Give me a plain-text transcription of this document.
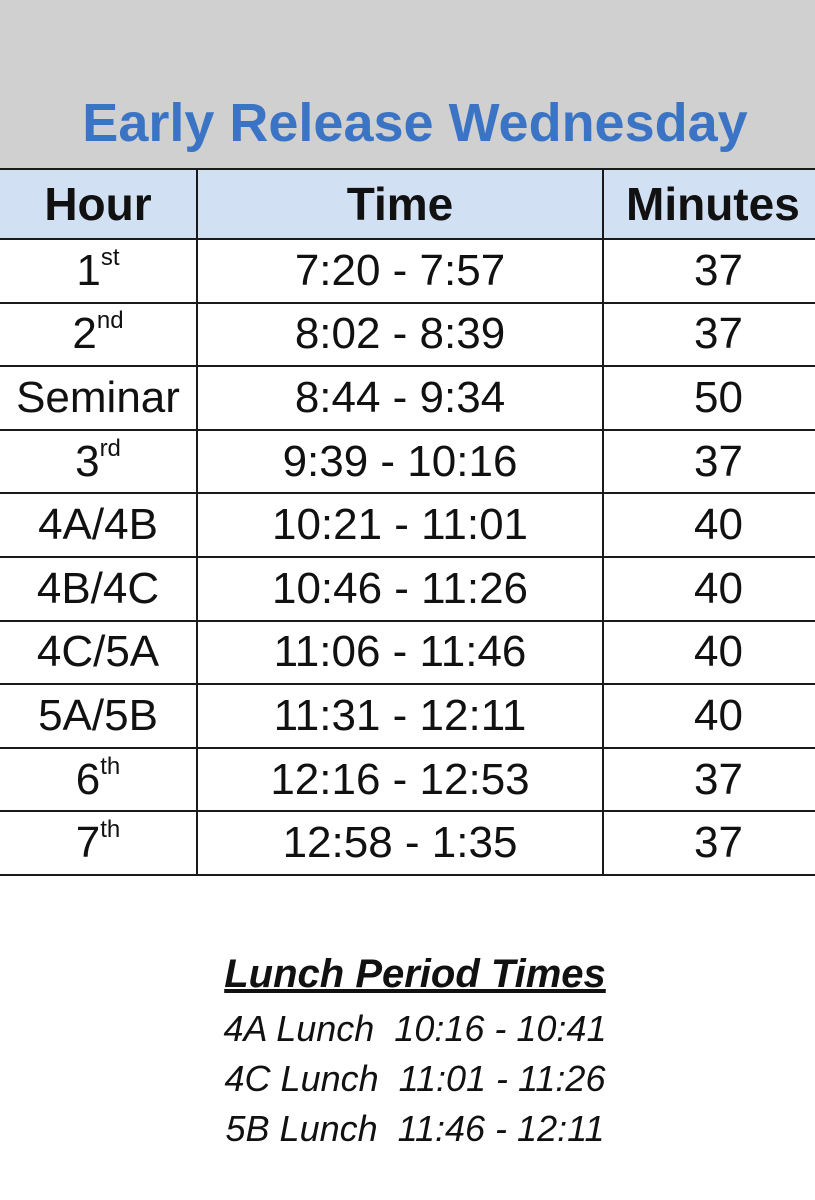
Early Release Wednesday
Hour	Time	Minutes
1st	7:20 - 7:57	37
2nd	8:02 - 8:39	37
Seminar	8:44 - 9:34	50
3rd	9:39 - 10:16	37
4A/4B	10:21 - 11:01	40
4B/4C	10:46 - 11:26	40
4C/5A	11:06 - 11:46	40
5A/5B	11:31 - 12:11	40
6th	12:16 - 12:53	37
7th	12:58 - 1:35	37
Lunch Period Times
4A Lunch  10:16 - 10:41
4C Lunch  11:01 - 11:26
5B Lunch  11:46 - 12:11
